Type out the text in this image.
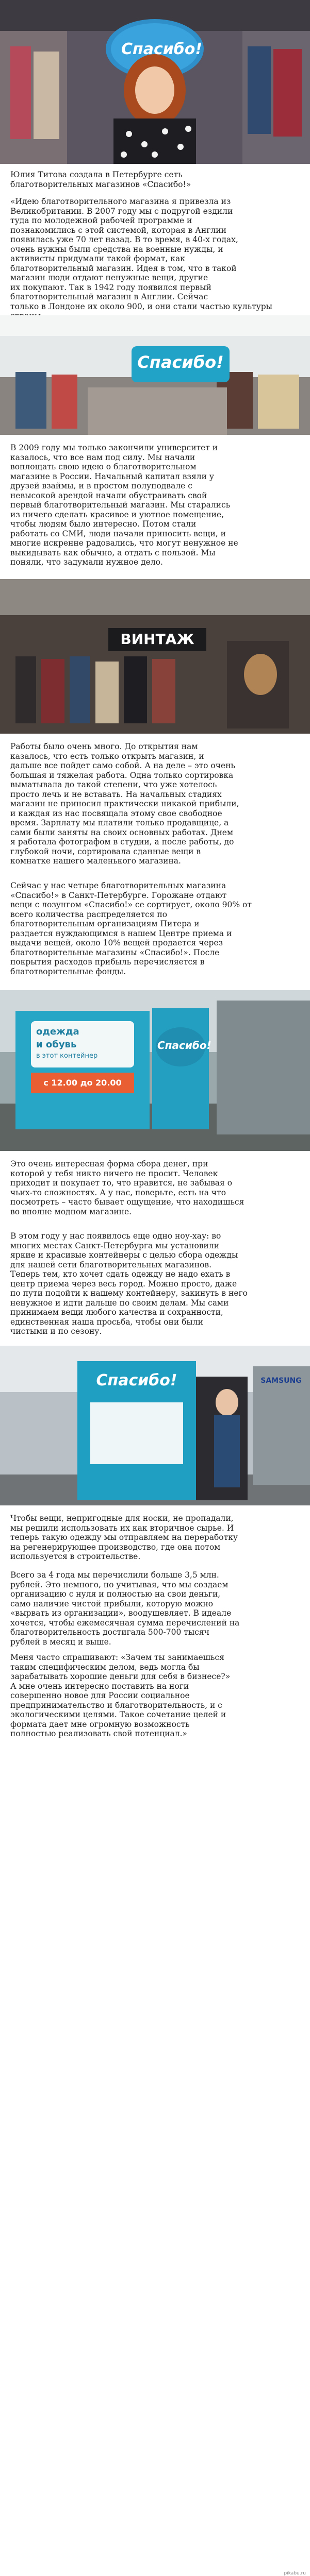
Спасибо!

Юлия Титова создала в Петербурге сеть
благотворительных магазинов «Спасибо!»

«Идею благотворительного магазина я привезла из
Великобритании. В 2007 году мы с подругой ездили
туда по молодежной рабочей программе и
познакомились с этой системой, которая в Англии
появилась уже 70 лет назад. В то время, в 40-х годах,
очень нужны были средства на военные нужды, и
активисты придумали такой формат, как
благотворительный магазин. Идея в том, что в такой
магазин люди отдают ненужные вещи, другие
их покупают. Так в 1942 году появился первый
благотворительный магазин в Англии. Сейчас
только в Лондоне их около 900, и они стали частью культуры

Спасибо!

В 2009 году мы только закончили университет и
казалось, что все нам под силу. Мы начали
воплощать свою идею о благотворительном
магазине в России. Начальный капитал взяли у
друзей взаймы, и в простом полуподвале с
невысокой арендой начали обустраивать свой
первый благотворительный магазин. Мы старались
из ничего сделать красивое и уютное помещение,
чтобы людям было интересно. Потом стали
работать со СМИ, люди начали приносить вещи, и
многие искренне радовались, что могут ненужное не
выкидывать как обычно, а отдать с пользой. Мы
поняли, что задумали нужное дело.

ВИНТАЖ

Работы было очень много. До открытия нам
казалось, что есть только открыть магазин, и
дальше все пойдет само собой. А на деле – это очень
большая и тяжелая работа. Одна только сортировка
выматывала до такой степени, что уже хотелось
просто лечь и не вставать. На начальных стадиях
магазин не приносил практически никакой прибыли,
и каждая из нас посвящала этому свое свободное
время. Зарплату мы платили только продавщице, а
сами были заняты на своих основных работах. Днем
я работала фотографом в студии, а после работы, до
глубокой ночи, сортировала сданные вещи в
комнатке нашего маленького магазина.

Сейчас у нас четыре благотворительных магазина
«Спасибо!» в Санкт-Петербурге. Горожане отдают
вещи с лозунгом «Спасибо!» се сортирует, около 90% от
всего количества распределяется по
благотворительным организациям Питера и
раздается нуждающимся в нашем Центре приема и
выдачи вещей, около 10% вещей продается через
благотворительные магазины «Спасибо!». После
покрытия расходов прибыль перечисляется в
благотворительные фонды.

одежда
и обувь
в этот контейнер
с 12.00 до 20.00
Спасибо!

Это очень интересная форма сбора денег, при
которой у тебя никто ничего не просит. Человек
приходит и покупает то, что нравится, не забывая о
чьих-то сложностях. А у нас, поверьте, есть на что
посмотреть – часто бывает ощущение, что находишься
во вполне модном магазине.

В этом году у нас появилось еще одно ноу-хау: во
многих местах Санкт-Петербурга мы установили
яркие и красивые контейнеры с целью сбора одежды
для нашей сети благотворительных магазинов.
Теперь тем, кто хочет сдать одежду не надо ехать в
центр приема через весь город. Можно просто, даже
по пути подойти к нашему контейнеру, закинуть в него
ненужное и идти дальше по своим делам. Мы сами
принимаем вещи любого качества и сохранности,
единственная наша просьба, чтобы они были
чистыми и по сезону.

Спасибо!	SAMSUNG

Чтобы вещи, непригодные для носки, не пропадали,
мы решили использовать их как вторичное сырье. И
теперь такую одежду мы отправляем на переработку
на регенерирующее производство, где она потом
используется в строительстве.

Всего за 4 года мы перечислили больше 3,5 млн.
рублей. Это немного, но учитывая, что мы создаем
организацию с нуля и полностью на свои деньги,
само наличие чистой прибыли, которую можно
«вырвать из организации», воодушевляет. В идеале
хочется, чтобы ежемесячная сумма перечислений на
благотворительность достигала 500-700 тысяч
рублей в месяц и выше.

Меня часто спрашивают: «Зачем ты занимаешься
таким специфическим делом, ведь могла бы
зарабатывать хорошие деньги для себя в бизнесе?»
А мне очень интересно поставить на ноги
совершенно новое для России социальное
предпринимательство и благотворительность, и с
экологическими целями. Такое сочетание целей и
формата дает мне огромную возможность
полностью реализовать свой потенциал.»

pikabu.ru
